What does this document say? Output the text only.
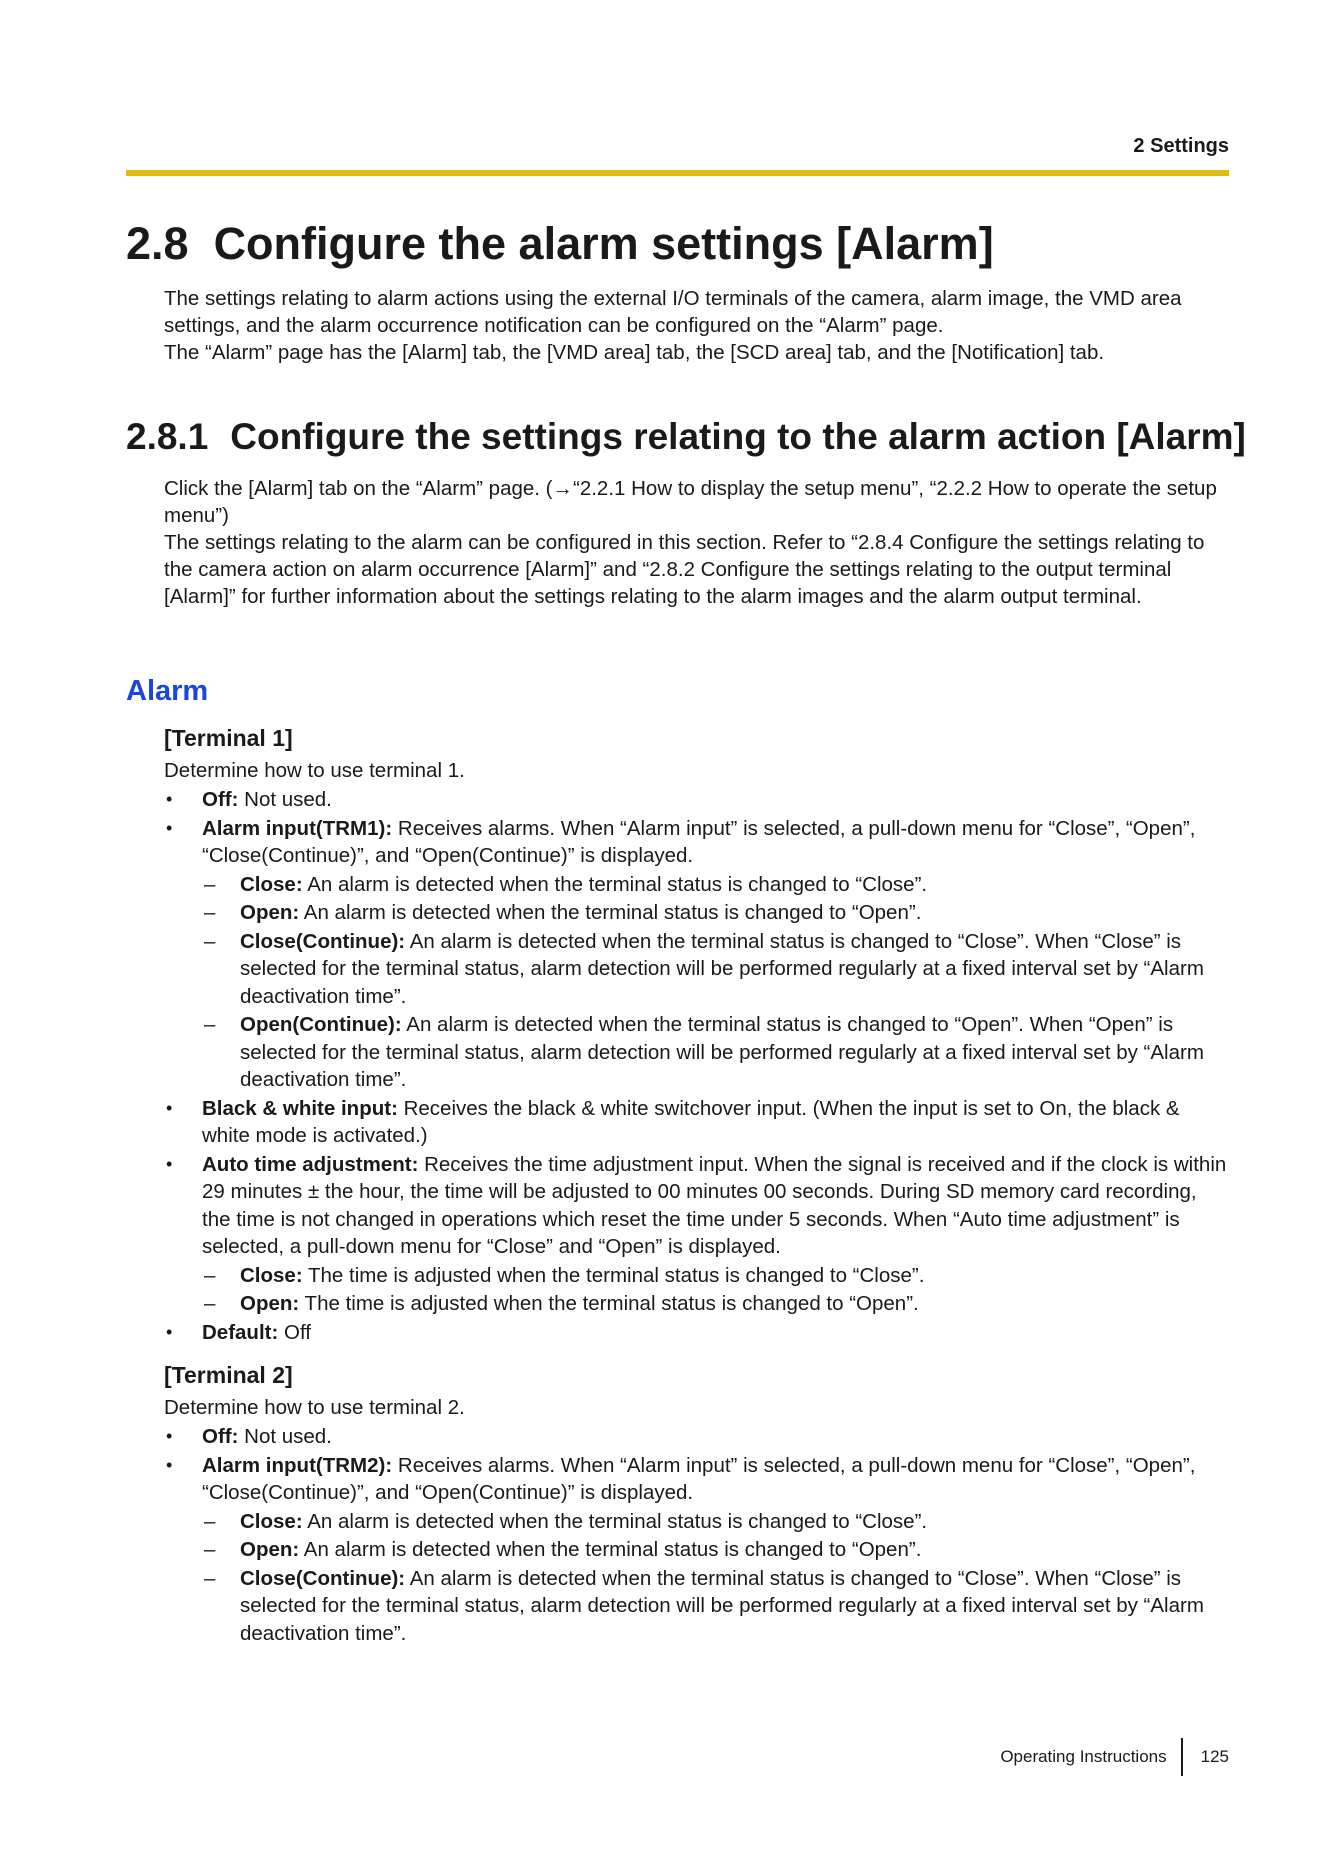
2 Settings
2.8 Configure the alarm settings [Alarm]

The settings relating to alarm actions using the external I/O terminals of the camera, alarm image, the VMD area settings, and the alarm occurrence notification can be configured on the “Alarm” page.

The “Alarm” page has the [Alarm] tab, the [VMD area] tab, the [SCD area] tab, and the [Notification] tab.

2.8.1 Configure the settings relating to the alarm action [Alarm]

Click the [Alarm] tab on the “Alarm” page. (→“2.2.1 How to display the setup menu”, “2.2.2 How to operate the setup menu”)

The settings relating to the alarm can be configured in this section. Refer to “2.8.4 Configure the settings relating to the camera action on alarm occurrence [Alarm]” and “2.8.2 Configure the settings relating to the output terminal [Alarm]” for further information about the settings relating to the alarm images and the alarm output terminal.

Alarm

[Terminal 1]

Determine how to use terminal 1.

• Off: Not used.
• Alarm input(TRM1): Receives alarms. When “Alarm input” is selected, a pull-down menu for “Close”, “Open”, “Close(Continue)”, and “Open(Continue)” is displayed.
– Close: An alarm is detected when the terminal status is changed to “Close”.
– Open: An alarm is detected when the terminal status is changed to “Open”.
– Close(Continue): An alarm is detected when the terminal status is changed to “Close”. When “Close” is selected for the terminal status, alarm detection will be performed regularly at a fixed interval set by “Alarm deactivation time”.
– Open(Continue): An alarm is detected when the terminal status is changed to “Open”. When “Open” is selected for the terminal status, alarm detection will be performed regularly at a fixed interval set by “Alarm deactivation time”.
• Black & white input: Receives the black & white switchover input. (When the input is set to On, the black & white mode is activated.)
• Auto time adjustment: Receives the time adjustment input. When the signal is received and if the clock is within 29 minutes ± the hour, the time will be adjusted to 00 minutes 00 seconds. During SD memory card recording, the time is not changed in operations which reset the time under 5 seconds. When “Auto time adjustment” is selected, a pull-down menu for “Close” and “Open” is displayed.
– Close: The time is adjusted when the terminal status is changed to “Close”.
– Open: The time is adjusted when the terminal status is changed to “Open”.
• Default: Off

[Terminal 2]

Determine how to use terminal 2.

• Off: Not used.
• Alarm input(TRM2): Receives alarms. When “Alarm input” is selected, a pull-down menu for “Close”, “Open”, “Close(Continue)”, and “Open(Continue)” is displayed.
– Close: An alarm is detected when the terminal status is changed to “Close”.
– Open: An alarm is detected when the terminal status is changed to “Open”.
– Close(Continue): An alarm is detected when the terminal status is changed to “Close”. When “Close” is selected for the terminal status, alarm detection will be performed regularly at a fixed interval set by “Alarm deactivation time”.
Operating Instructions 125
